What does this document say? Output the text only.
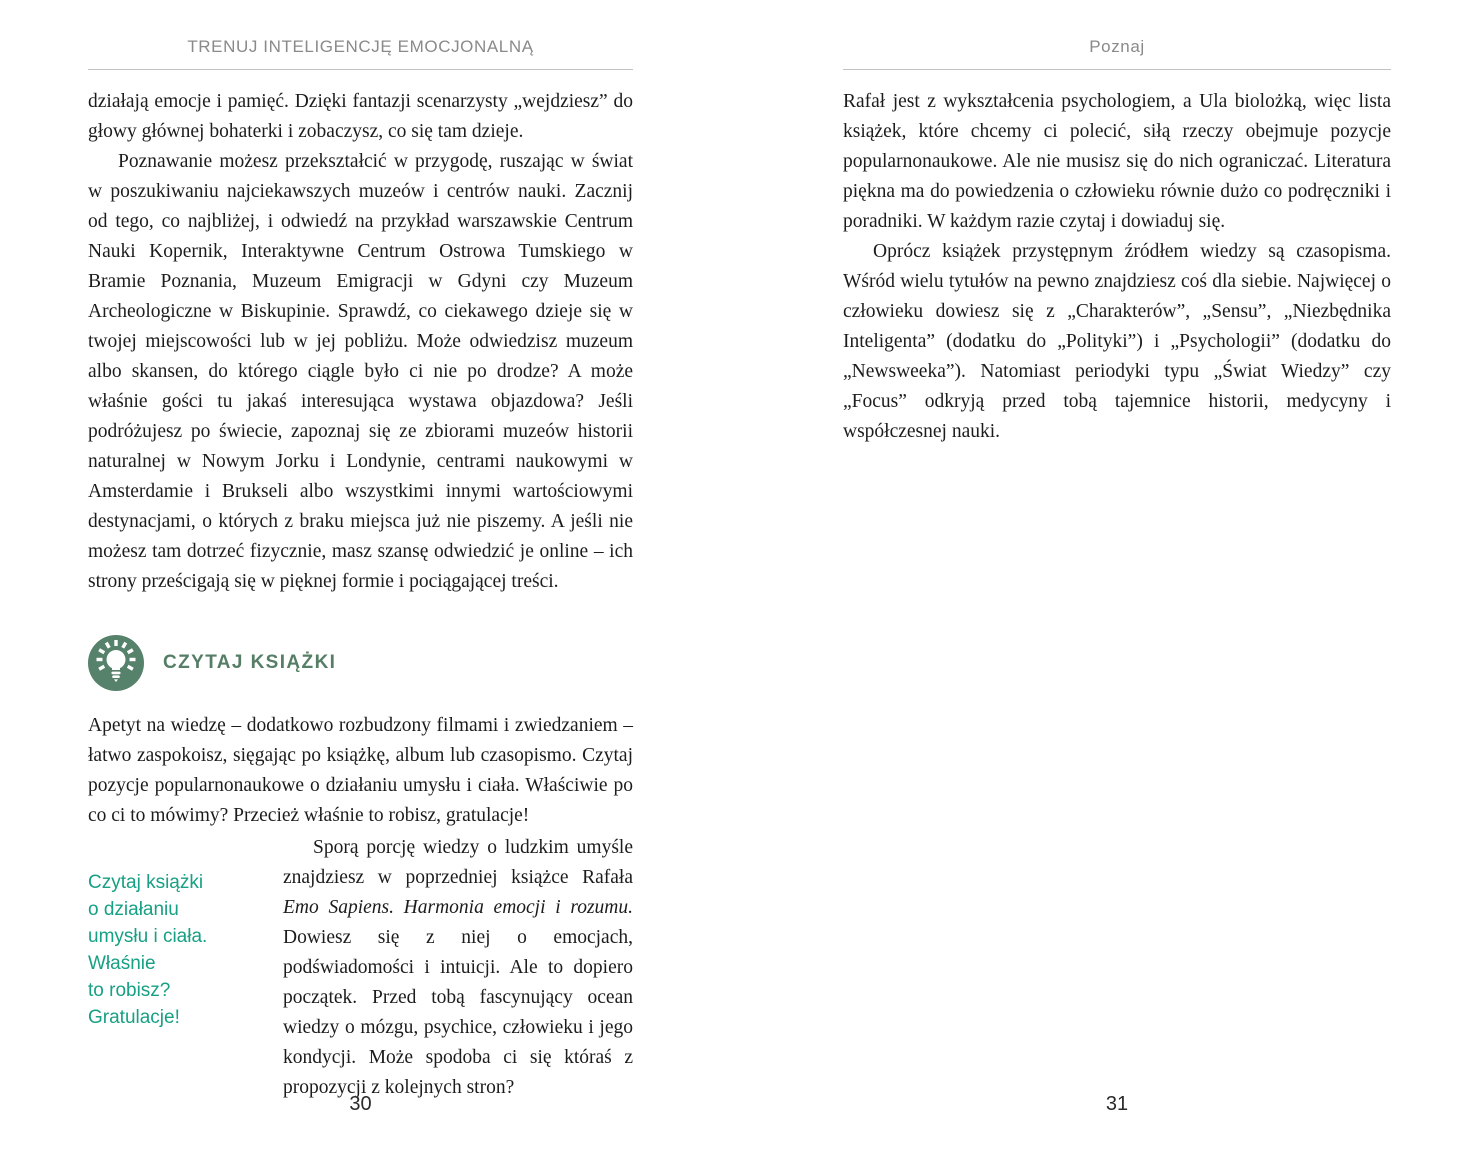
TRENUJ INTELIGENCJĘ EMOCJONALNĄ

działają emocje i pamięć. Dzięki fantazji scenarzysty „wejdziesz” do głowy głównej bohaterki i zobaczysz, co się tam dzieje.

Poznawanie możesz przekształcić w przygodę, ruszając w świat w poszukiwaniu najciekawszych muzeów i centrów nauki. Zacznij od tego, co najbliżej, i odwiedź na przykład warszawskie Centrum Nauki Kopernik, Interaktywne Centrum Ostrowa Tumskiego w Bramie Poznania, Muzeum Emigracji w Gdyni czy Muzeum Archeologiczne w Biskupinie. Sprawdź, co ciekawego dzieje się w twojej miejscowości lub w jej pobliżu. Może odwiedzisz muzeum albo skansen, do którego ciągle było ci nie po drodze? A może właśnie gości tu jakaś interesująca wystawa objazdowa? Jeśli podróżujesz po świecie, zapoznaj się ze zbiorami muzeów historii naturalnej w Nowym Jorku i Londynie, centrami naukowymi w Amsterdamie i Brukseli albo wszystkimi innymi wartościowymi destynacjami, o których z braku miejsca już nie piszemy. A jeśli nie możesz tam dotrzeć fizycznie, masz szansę odwiedzić je online – ich strony prześcigają się w pięknej formie i pociągającej treści.

CZYTAJ KSIĄŻKI

Apetyt na wiedzę – dodatkowo rozbudzony filmami i zwiedzaniem – łatwo zaspokoisz, sięgając po książkę, album lub czasopismo. Czytaj pozycje popularnonaukowe o działaniu umysłu i ciała. Właściwie po co ci to mówimy? Przecież właśnie to robisz, gratulacje!

Czytaj książki
o działaniu
umysłu i ciała.
Właśnie
to robisz?
Gratulacje!

Sporą porcję wiedzy o ludzkim umyśle znajdziesz w poprzedniej książce Rafała Emo Sapiens. Harmonia emocji i rozumu. Dowiesz się z niej o emocjach, podświadomości i intuicji. Ale to dopiero początek. Przed tobą fascynujący ocean wiedzy o mózgu, psychice, człowieku i jego kondycji. Może spodoba ci się któraś z propozycji z kolejnych stron?

30
Poznaj

Rafał jest z wykształcenia psychologiem, a Ula biolożką, więc lista książek, które chcemy ci polecić, siłą rzeczy obejmuje pozycje popularnonaukowe. Ale nie musisz się do nich ograniczać. Literatura piękna ma do powiedzenia o człowieku równie dużo co podręczniki i poradniki. W każdym razie czytaj i dowiaduj się.

Oprócz książek przystępnym źródłem wiedzy są czasopisma. Wśród wielu tytułów na pewno znajdziesz coś dla siebie. Najwięcej o człowieku dowiesz się z „Charakterów”, „Sensu”, „Niezbędnika Inteligenta” (dodatku do „Polityki”) i „Psychologii” (dodatku do „Newsweeka”). Natomiast periodyki typu „Świat Wiedzy” czy „Focus” odkryją przed tobą tajemnice historii, medycyny i współczesnej nauki.

31
